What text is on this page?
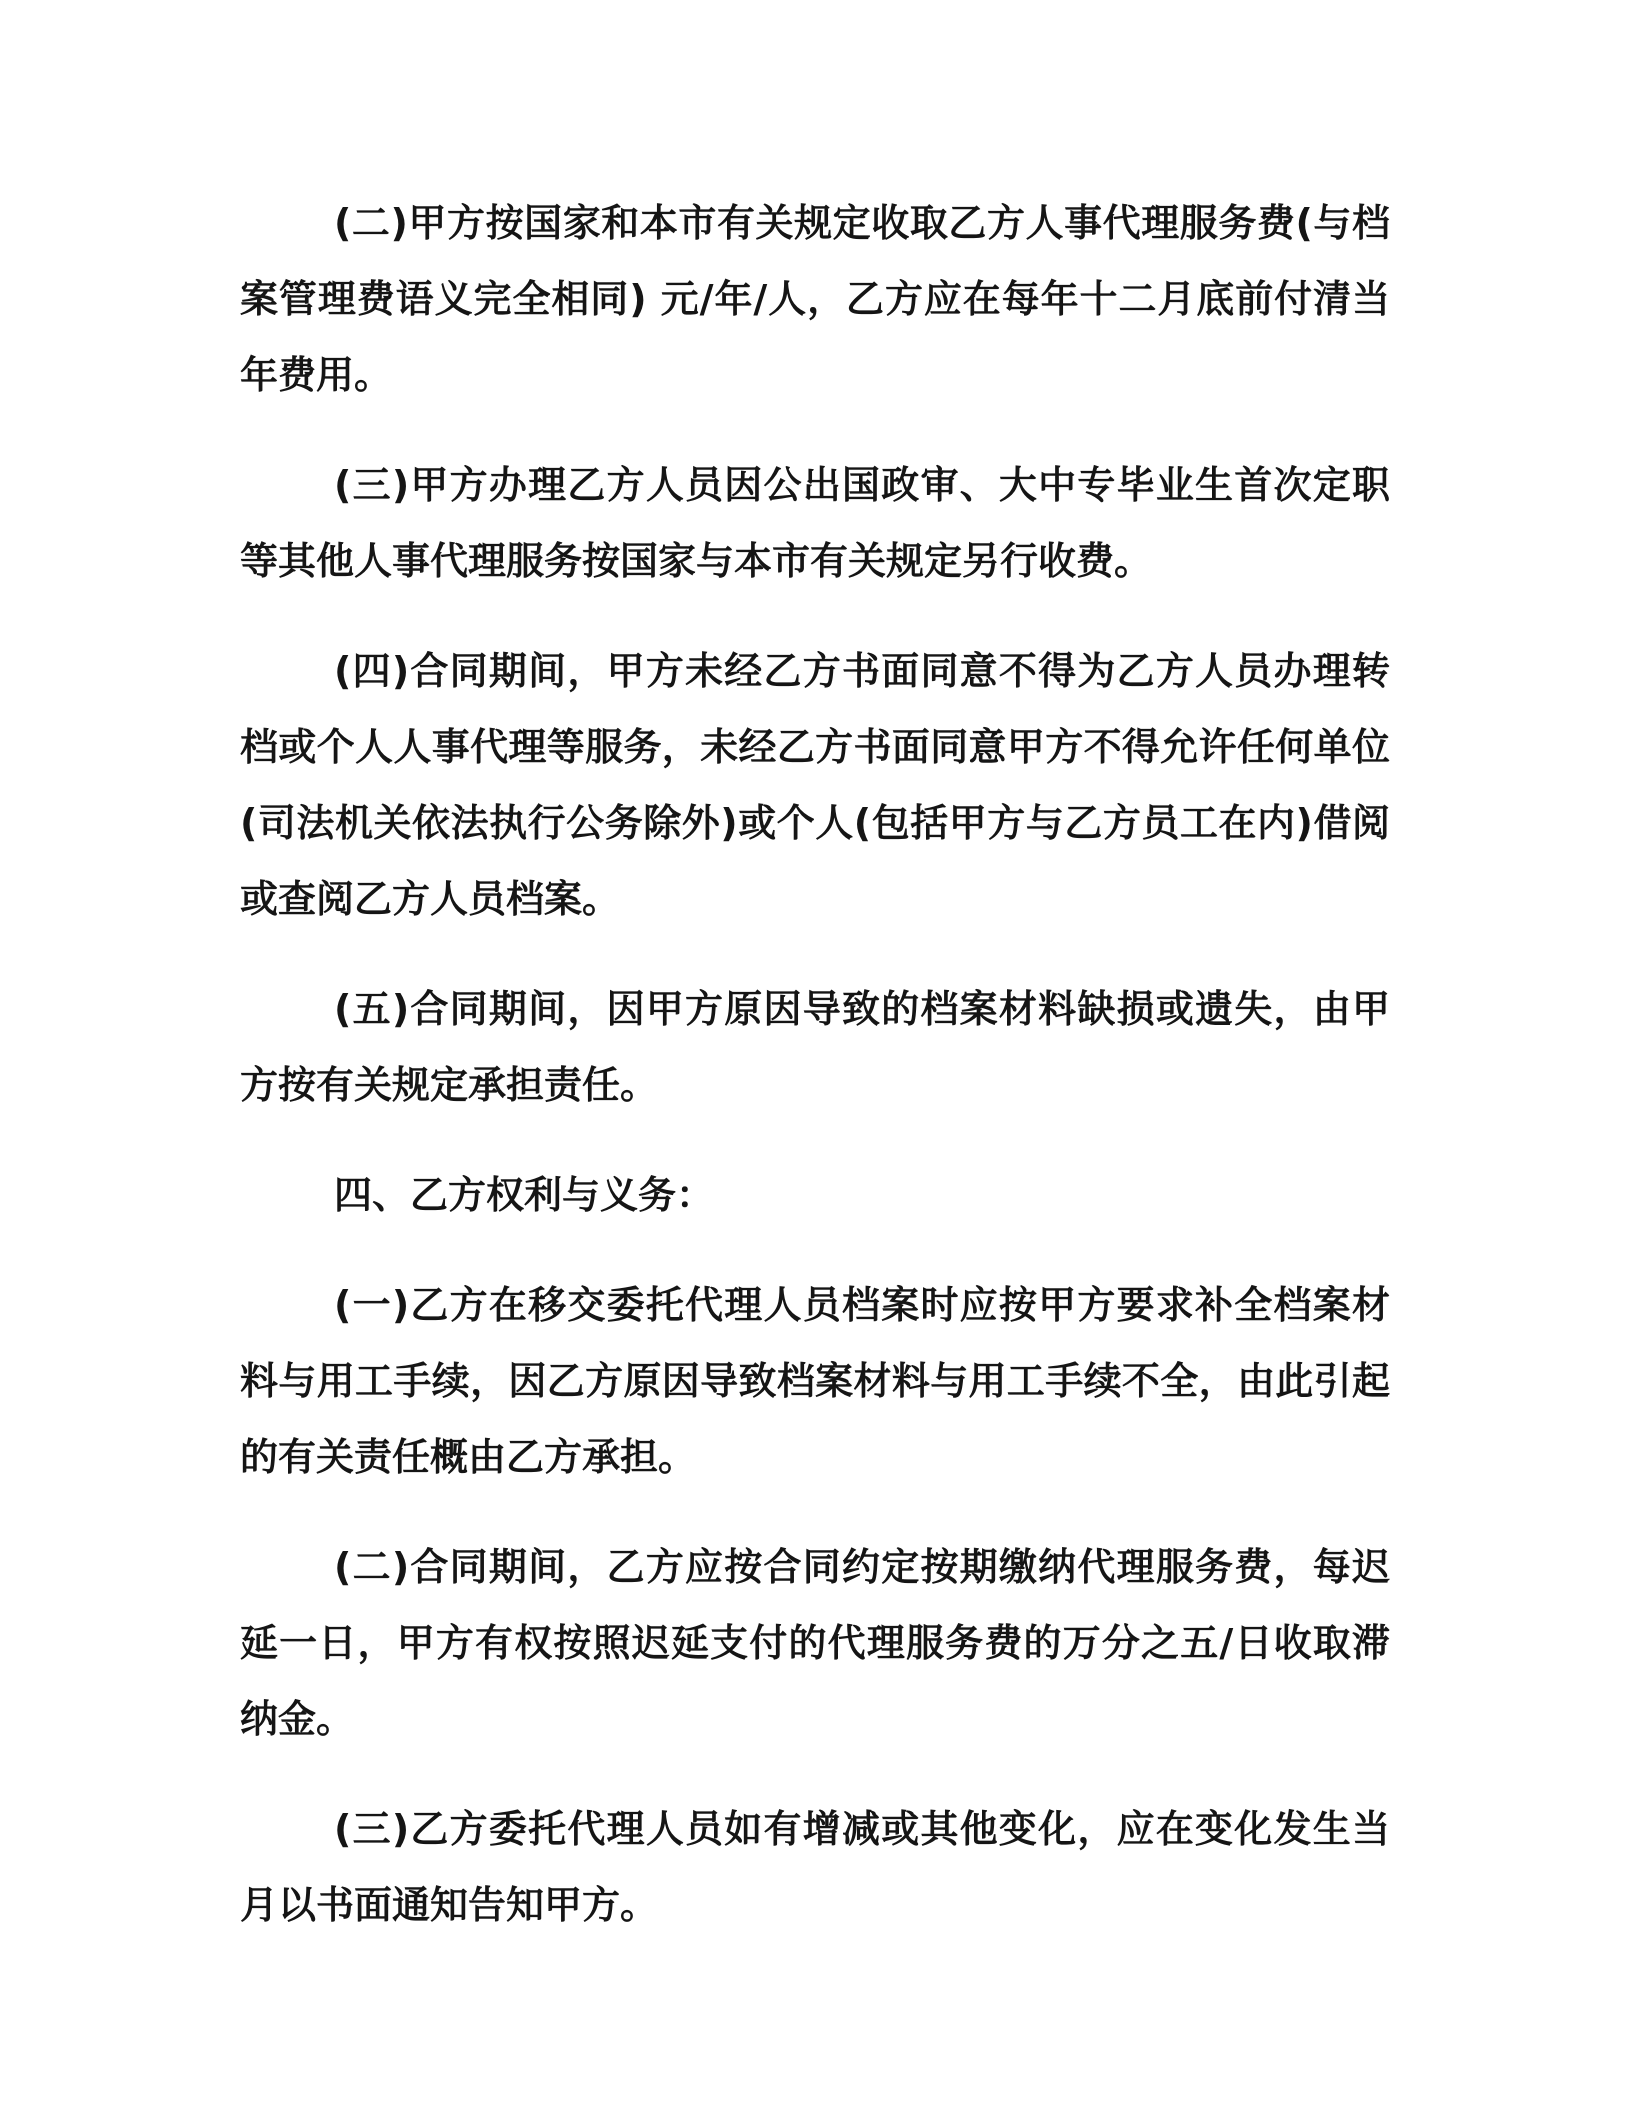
(二)甲方按国家和本市有关规定收取乙方人事代理服务费(与档案管理费语义完全相同) 元/年/人，乙方应在每年十二月底前付清当年费用。

(三)甲方办理乙方人员因公出国政审、大中专毕业生首次定职等其他人事代理服务按国家与本市有关规定另行收费。

(四)合同期间，甲方未经乙方书面同意不得为乙方人员办理转档或个人人事代理等服务，未经乙方书面同意甲方不得允许任何单位(司法机关依法执行公务除外)或个人(包括甲方与乙方员工在内)借阅或查阅乙方人员档案。

(五)合同期间，因甲方原因导致的档案材料缺损或遗失，由甲方按有关规定承担责任。

四、乙方权利与义务：

(一)乙方在移交委托代理人员档案时应按甲方要求补全档案材料与用工手续，因乙方原因导致档案材料与用工手续不全，由此引起的有关责任概由乙方承担。

(二)合同期间，乙方应按合同约定按期缴纳代理服务费，每迟延一日，甲方有权按照迟延支付的代理服务费的万分之五/日收取滞纳金。

(三)乙方委托代理人员如有增减或其他变化，应在变化发生当月以书面通知告知甲方。
